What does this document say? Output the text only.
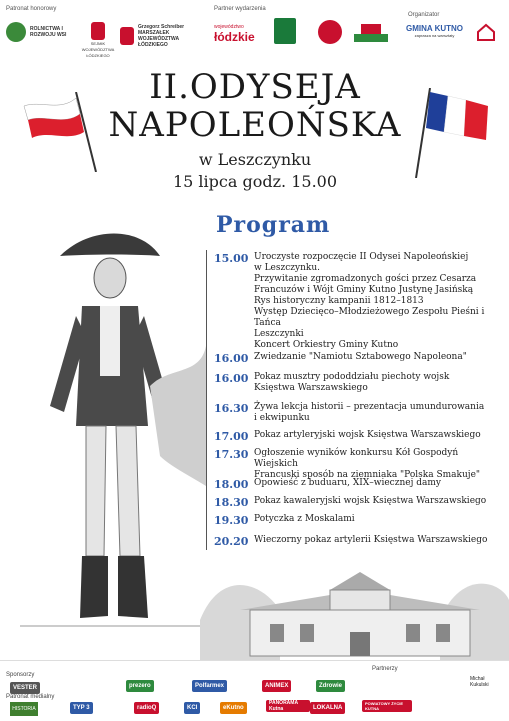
Patronat honorowy	Partner wydarzenia
Organizator
ROLNICTWA I ROZWOJU WSI
SEJMIK WOJEWÓDZTWA ŁÓDZKIEGO
Grzegorz Schreiber
MARSZAŁEK WOJEWÓDZTWA ŁÓDZKIEGO
województwo
łódzkie
GMINA KUTNO
zaprasza na warsztaty
II.ODYSEJA
NAPOLEOŃSKA
w Leszczynku
15 lipca godz. 15.00
Program
15.00 Uroczyste rozpoczęcie II Odysei Napoleońskiej
w Leszczynku.
Przywitanie zgromadzonych gości przez Cesarza
Francuzów i Wójt Gminy Kutno Justynę Jasińską
Rys historyczny kampanii 1812–1813
Występ Dziecięco–Młodzieżowego Zespołu Pieśni i Tańca
Leszczynki
Koncert Orkiestry Gminy Kutno
16.00 Zwiedzanie "Namiotu Sztabowego Napoleona"
16.00 Pokaz musztry pododdziału piechoty wojsk
Księstwa Warszawskiego
16.30 Żywa lekcja historii – prezentacja umundurowania
i ekwipunku
17.00 Pokaz artyleryjski wojsk Księstwa Warszawskiego
17.30 Ogłoszenie wyników konkursu Kół Gospodyń Wiejskich
Francuski sposób na ziemniaka "Polska Smakuje"
18.00 Opowieść z buduaru, XIX–wiecznej damy
18.30 Pokaz kawaleryjski wojsk Księstwa Warszawskiego
19.30 Potyczka z Moskalami
20.20 Wieczorny pokaz artylerii Księstwa Warszawskiego
Sponsorzy
Partnerzy
Patronat medialny
VESTER	prezero	Polfarmex	ANIMEX	Zdrowie
Michał Kukulski
HISTORIA	TYP 3	radioQ	KCI	eKutno
PANORAMA Kutna	LOKALNA
POWIATOWY ŻYCIE KUTNA
